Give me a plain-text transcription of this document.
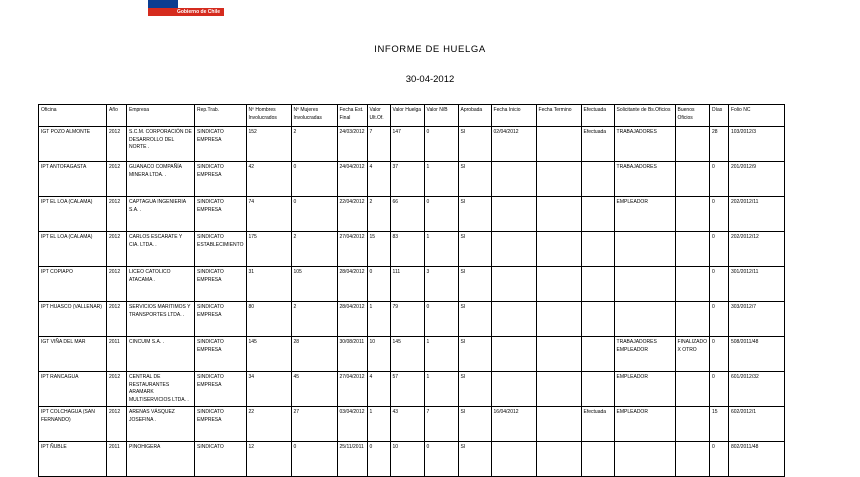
Gobierno de Chile
INFORME DE HUELGA
30-04-2012
Oficina	Año	Empresa	Rep.Trab.	Nº Hombres Involucrados	Nº Mujeres Involucradas	Fecha Est. Final	Valor Ult.Of.	Valor Huelga	Valor N/B	Aprobada	Fecha Inicio	Fecha Termino	Efectuada	Solicitante de Bs.Oficios	Buenos Oficios	Días	Folio NC
IGT POZO ALMONTE	2012	S.C.M. CORPORACIÓN DE DESARROLLO DEL NORTE .	SINDICATO EMPRESA	152	2	24/03/2012	7	147	0	SI	02/04/2012		Efectuada	TRABAJADORES		28	103/2012/3
IPT ANTOFAGASTA	2012	GUANACO COMPAÑÍA MINERA LTDA. .	SINDICATO EMPRESA	42	0	24/04/2012	4	37	1	SI				TRABAJADORES		0	201/2012/9
IPT EL LOA (CALAMA)	2012	CAPTAGUA INGENIERIA S.A. .	SINDICATO EMPRESA	74	0	22/04/2012	2	66	0	SI				EMPLEADOR		0	202/2012/11
IPT EL LOA (CALAMA)	2012	CARLOS ESCARATE Y CIA. LTDA. .	SINDICATO ESTABLECIMIENTO	175	2	27/04/2012	15	83	1	SI						0	202/2012/12
IPT COPIAPO	2012	LICEO CATOLICO ATACAMA .	SINDICATO EMPRESA	31	105	28/04/2012	0	111	3	SI						0	301/2012/11
IPT HUASCO (VALLENAR)	2012	SERVICIOS MARITIMOS Y TRANSPORTES LTDA. .	SINDICATO EMPRESA	80	2	28/04/2012	1	79	0	SI						0	303/2012/7
IGT VIÑA DEL MAR	2011	CINCUIM S.A. .	SINDICATO EMPRESA	145	28	30/08/2011	10	145	1	SI				TRABAJADORES EMPLEADOR	FINALIZADO X OTRO	0	508/2011/48
IPT RANCAGUA	2012	CENTRAL DE RESTAURANTES ARAMARK MULTISERVICIOS LTDA. .	SINDICATO EMPRESA	34	45	27/04/2012	4	57	1	SI				EMPLEADOR		0	601/2012/32
IPT COLCHAGUA (SAN FERNANDO)	2012	ARENAS VÁSQUEZ JOSEFINA .	SINDICATO EMPRESA	22	27	03/04/2012	1	43	7	SI	16/04/2012		Efectuada	EMPLEADOR		15	602/2012/1
IPT ÑUBLE	2011	PINOHIGERA	SINDICATO	12	0	25/11/2011	0	10	0	SI						0	802/2011/48
